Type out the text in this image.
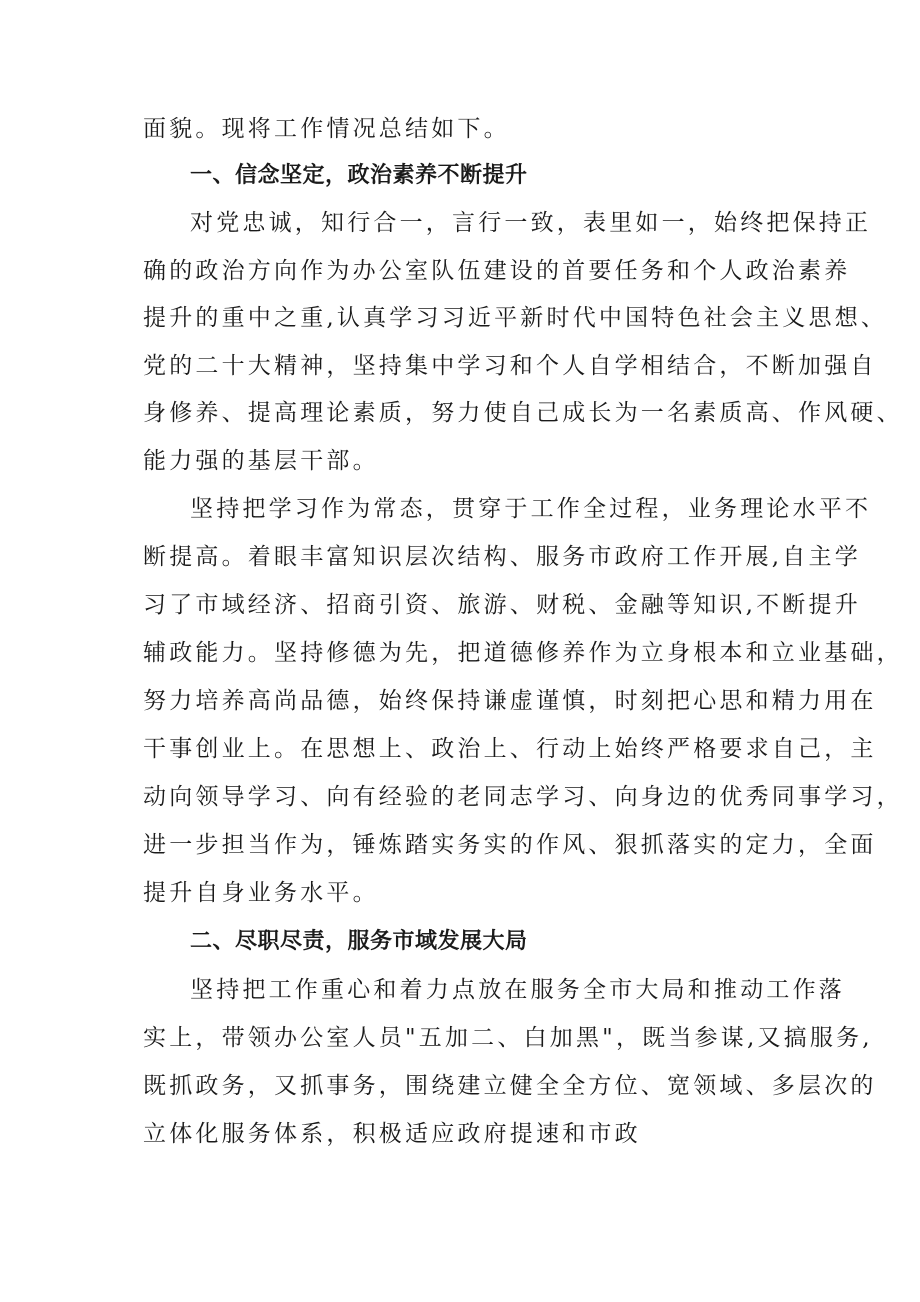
面貌。现将工作情况总结如下。
一、信念坚定，政治素养不断提升
对党忠诚，知行合一，言行一致，表里如一，始终把保持正
确的政治方向作为办公室队伍建设的首要任务和个人政治素养
提升的重中之重,认真学习习近平新时代中国特色社会主义思想、
党的二十大精神，坚持集中学习和个人自学相结合，不断加强自
身修养、提高理论素质，努力使自己成长为一名素质高、作风硬、
能力强的基层干部。
坚持把学习作为常态，贯穿于工作全过程，业务理论水平不
断提高。着眼丰富知识层次结构、服务市政府工作开展,自主学
习了市域经济、招商引资、旅游、财税、金融等知识,不断提升
辅政能力。坚持修德为先，把道德修养作为立身根本和立业基础，
努力培养高尚品德，始终保持谦虚谨慎，时刻把心思和精力用在
干事创业上。在思想上、政治上、行动上始终严格要求自己，主
动向领导学习、向有经验的老同志学习、向身边的优秀同事学习，
进一步担当作为，锤炼踏实务实的作风、狠抓落实的定力，全面
提升自身业务水平。
二、尽职尽责，服务市域发展大局
坚持把工作重心和着力点放在服务全市大局和推动工作落
实上，带领办公室人员"五加二、白加黑"，既当参谋,又搞服务,
既抓政务，又抓事务，围绕建立健全全方位、宽领域、多层次的
立体化服务体系，积极适应政府提速和市政
